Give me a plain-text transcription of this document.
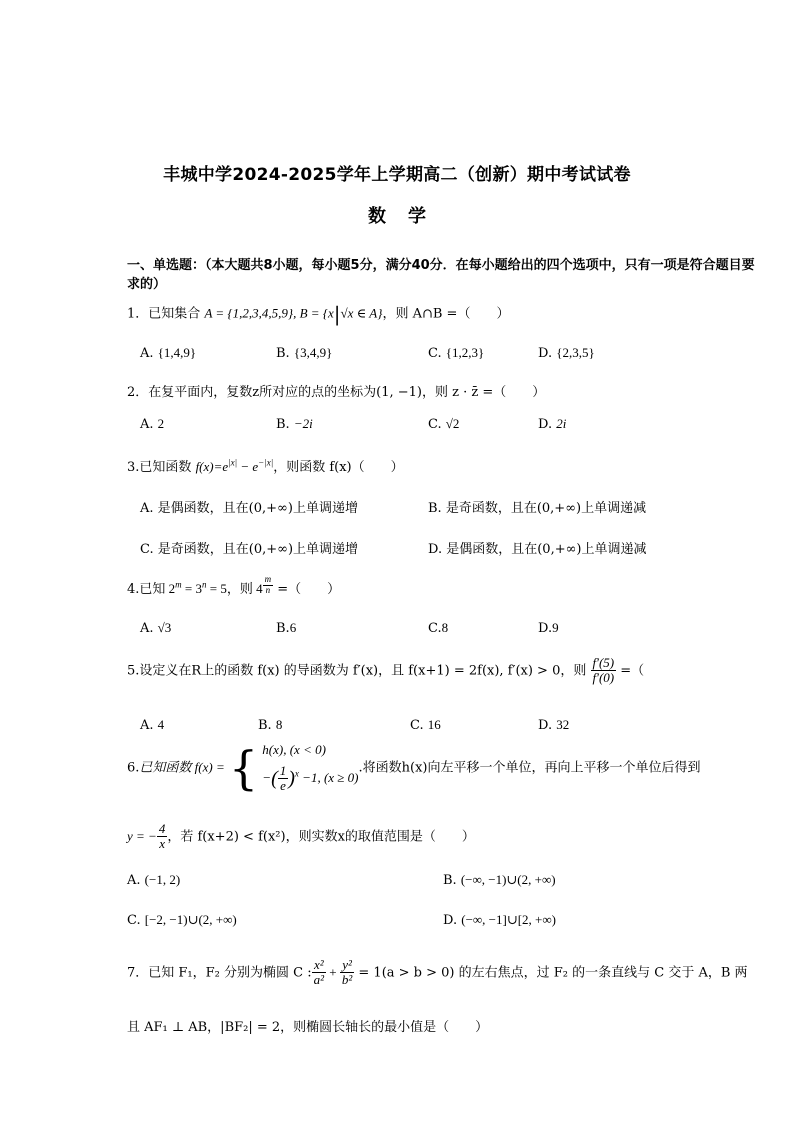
丰城中学2024-2025学年上学期高二（创新）期中考试试卷
数学
一、单选题：（本大题共8小题，每小题5分，满分40分．在每小题给出的四个选项中，只有一项是符合题目要求的）
1．已知集合 A = {1,2,3,4,5,9}, B = {x|√x ∈ A}，则 A∩B =（　　）
A. {1,4,9}	B. {3,4,9}	C. {1,2,3}	D. {2,3,5}
2．在复平面内，复数z所对应的点的坐标为(1, −1)，则 z · z̄ =（　　）
A. 2	B. −2i	C. √2	D. 2i
3.已知函数 $f(x)=e^{|x|} - e^{-|x|}$，则函数 f(x)（　　）
A. 是偶函数，且在(0,+∞)上单调递增	B. 是奇函数，且在(0,+∞)上单调递减
C. 是奇函数，且在(0,+∞)上单调递增	D. 是偶函数，且在(0,+∞)上单调递减
4.已知 $2^m = 3^n = 5$，则 4 $^{\frac{m}{n}}$ =（　　）
A. √3	B.6	C.8	D.9
5.设定义在R上的函数 f(x) 的导函数为 f′(x)，且 f(x+1) = 2f(x), f′(x) > 0，则 $\frac{f'(5)}{f'(0)}$ =（
A. 4	B. 8	C. 16	D. 32
6.已知函数 f(x) = { h(x), (x < 0)
−( $\frac{1}{e} )^x -1$, (x ≥ 0)
.将函数h(x)向左平移一个单位，再向上平移一个单位后得到
y = − $\frac{4}{x}$ ，若 f(x+2) < f(x²)，则实数x的取值范围是（　　）
A. (−1, 2)	B. (−∞, −1)∪(2, +∞)
C. [−2, −1)∪(2, +∞)	D. (−∞, −1]∪[2, +∞)
7．已知 F₁，F₂ 分别为椭圆 C : $\frac{\text{x²}}{\text{a²}} + \frac{\text{y²}}{\text{b²}} = 1(a > b > 0)$ 的左右焦点，过 F₂ 的一条直线与 C 交于 A，B 两
且 AF₁ ⊥ AB，|BF₂| = 2，则椭圆长轴长的最小值是（　　）
